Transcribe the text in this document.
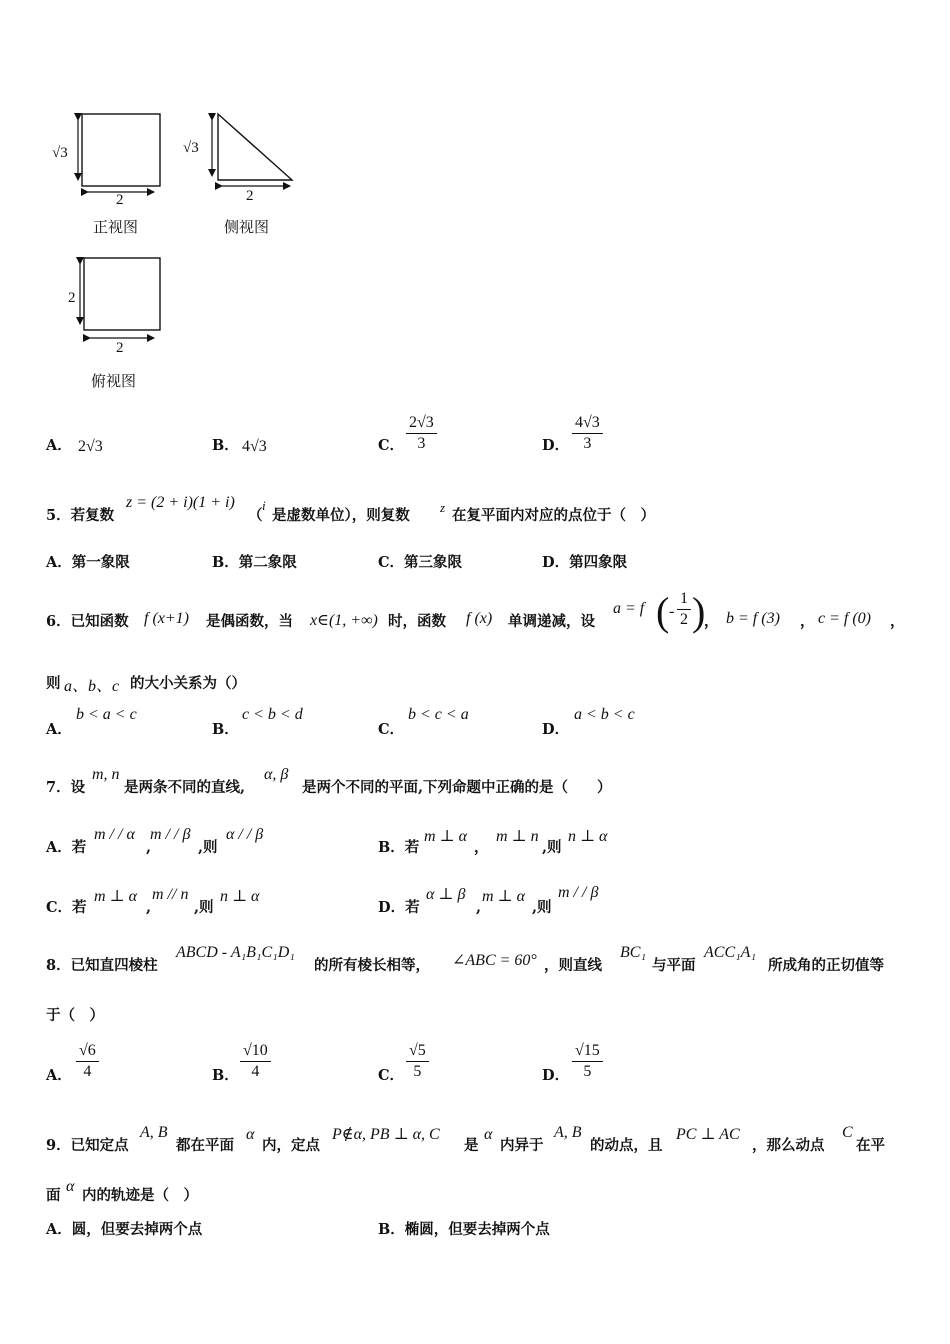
√3
2
正视图
√3
2
侧视图
2
2
俯视图
A． 2√3	B． 4√3	C．
2√3
3	D．
4√3
3
5．若复数
z = (2 + i)(1 + i)
（
i
是虚数单位），则复数 z 在复平面内对应的点位于（　）
A．第一象限	B．第二象限	C．第三象限	D．第四象限
6．已知函数 f (x+1) 是偶函数，当 x∈(1, +∞) 时，函数 f (x) 单调递减，设
a = f ( -
1
2 )
， b = f (3) ， c = f (0) ，
则 a、b、c 的大小关系为（）
A．
b < a < c
B．
c < b < d
C．
b < c < a
D．
a < b < c
7．设
m, n
是两条不同的直线,
α, β
是两个不同的平面,下列命题中正确的是（　　）
A．若
m / / α
,
m / / β
,则
α / / β
B．若
m ⊥ α
，
m ⊥ n
,则
n ⊥ α
C．若
m ⊥ α
,
m // n
,则
n ⊥ α
D．若
α ⊥ β
,
m ⊥ α
,则
m / / β
8．已知直四棱柱
ABCD - A₁B₁C₁D₁
的所有棱长相等， ∠ABC = 60° ，则直线
BC₁
与平面
ACC₁A₁
所成角的正切值等
于（　）
A．
√6
4	B．
√10
4	C．
√5
5	D．
√15
5
9．已知定点
A, B
都在平面
α
内，定点
P∉α, PB ⊥ α, C
是
α
内异于
A, B
的动点，且
PC ⊥ AC
，那么动点
C
在平
面
α
内的轨迹是（　）
A．圆，但要去掉两个点	B．椭圆，但要去掉两个点
